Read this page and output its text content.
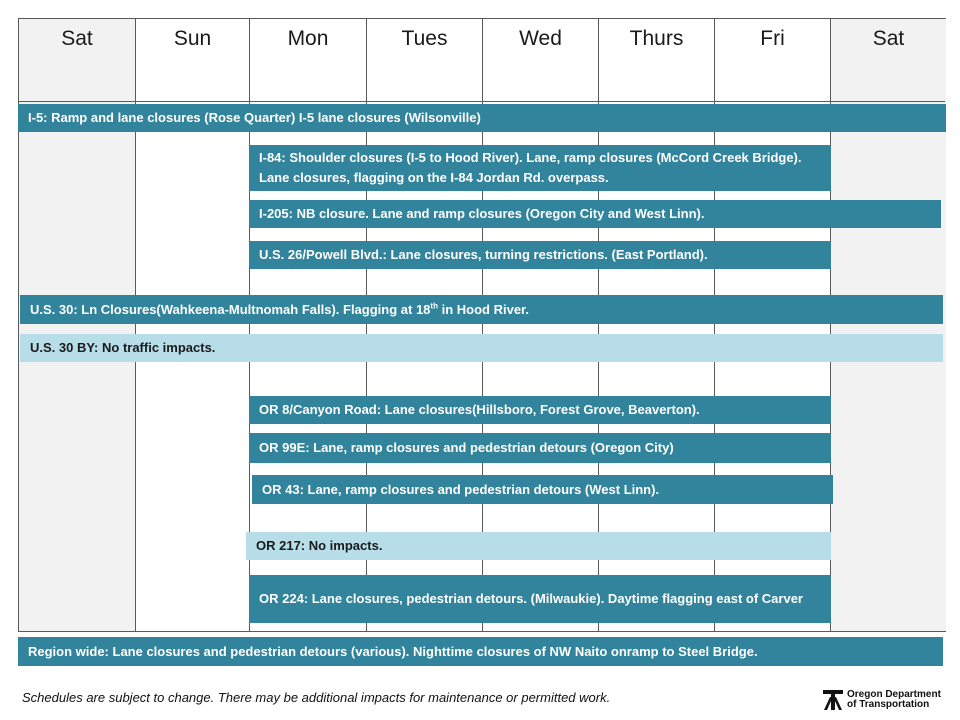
Sat	Sun	Mon	Tues	Wed	Thurs	Fri	Sat
I-5: Ramp and lane closures (Rose Quarter) I-5 lane closures (Wilsonville)
I-84: Shoulder closures (I-5 to Hood River). Lane, ramp closures (McCord Creek Bridge). Lane closures, flagging on the I-84 Jordan Rd. overpass.
I-205: NB closure. Lane and ramp closures (Oregon City and West Linn).
U.S. 26/Powell Blvd.: Lane closures, turning restrictions. (East Portland).
U.S. 30: Ln Closures(Wahkeena-Multnomah Falls). Flagging at 18th in Hood River.
U.S. 30 BY: No traffic impacts.
OR 8/Canyon Road: Lane closures(Hillsboro, Forest Grove, Beaverton).
OR 99E: Lane, ramp closures and pedestrian detours (Oregon City)
OR 43: Lane, ramp closures and pedestrian detours (West Linn).
OR 217: No impacts.
OR 224: Lane closures, pedestrian detours. (Milwaukie). Daytime flagging east of Carver
Region wide: Lane closures and pedestrian detours (various). Nighttime closures of NW Naito onramp to Steel Bridge.
Schedules are subject to change. There may be additional impacts for maintenance or permitted work.	Oregon Department
of Transportation
